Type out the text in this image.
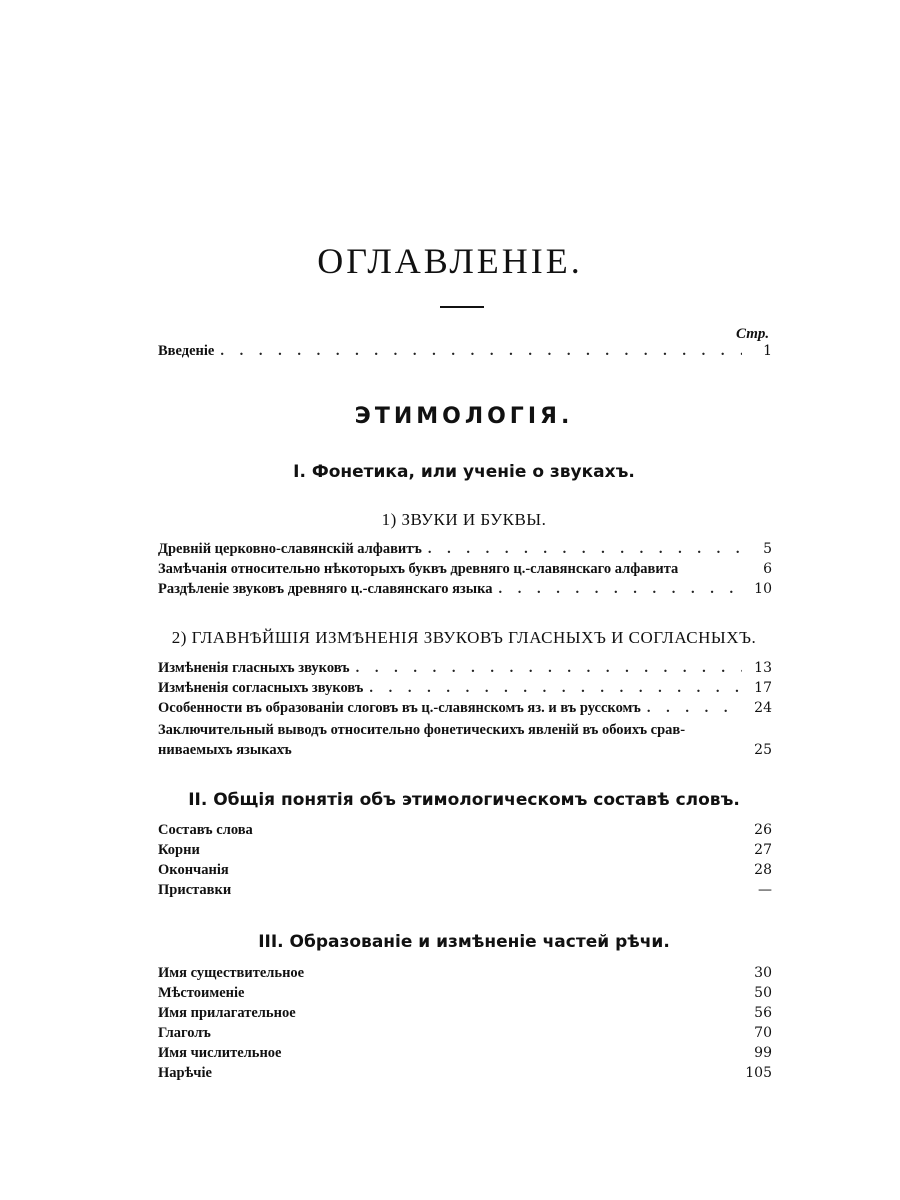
ОГЛАВЛЕНIЕ.
Стр.
Введенiе . . .	1
ЭТИМОЛОГIЯ.
I. Фонетика, или ученiе о звукахъ.
1) ЗВУКИ И БУКВЫ.
Древнiй церковно-славянскiй алфавитъ . . .	5
Замѣчанiя относительно нѣкоторыхъ буквъ древняго ц.-славянскаго алфавита	6
Раздѣленiе звуковъ древняго ц.-славянскаго языка . . .	10
2) ГЛАВНѢЙШIЯ ИЗМѢНЕНIЯ ЗВУКОВЪ ГЛАСНЫХЪ И СОГЛАСНЫХЪ.
Измѣненiя гласныхъ звуковъ . . .	13
Измѣненiя согласныхъ звуковъ . . .	17
Особенности въ образованiи слоговъ въ ц.-славянскомъ яз. и въ русскомъ . . .	24
Заключительный выводъ относительно фонетическихъ явленiй въ обоихъ срав-
ниваемыхъ языкахъ	25
II. Общiя понятiя объ этимологическомъ составѣ словъ.
Составъ слова	26
Корни	27
Окончанiя	28
Приставки	—
III. Образованiе и измѣненiе частей рѣчи.
Имя существительное	30
Мѣстоименiе	50
Имя прилагательное	56
Глаголъ	70
Имя числительное	99
Нарѣчiе	105
